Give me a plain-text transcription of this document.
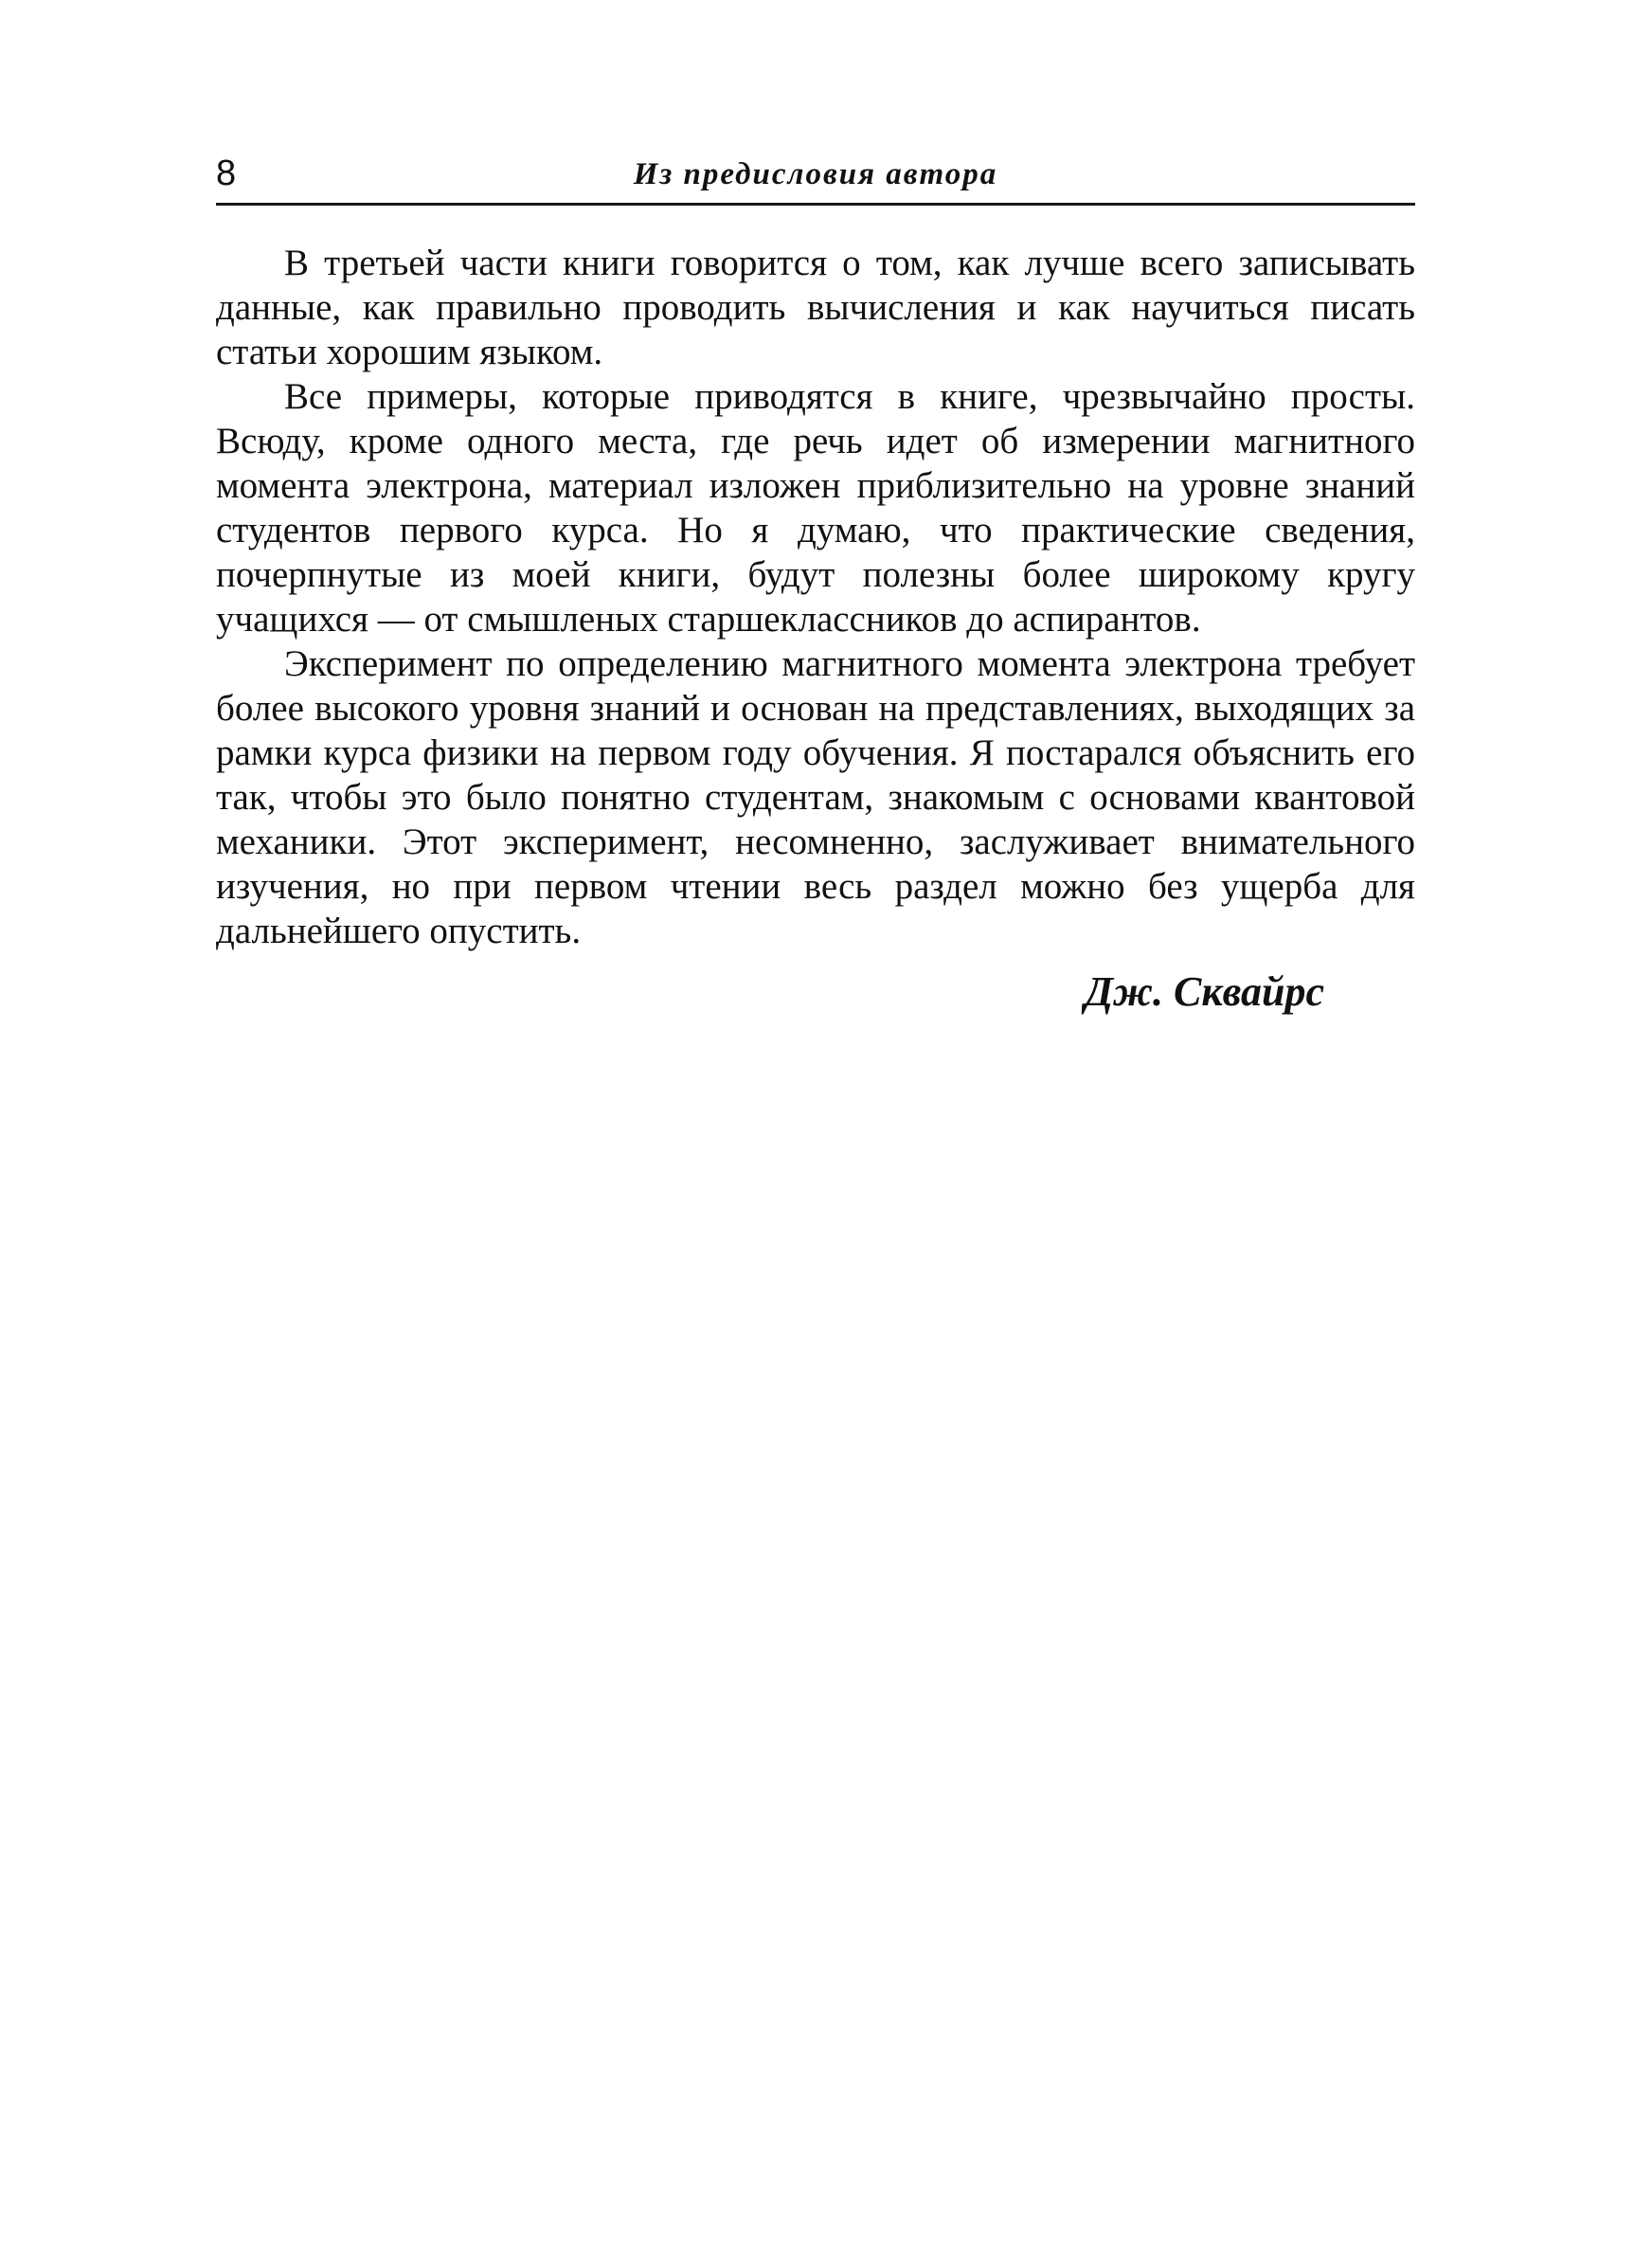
8	Из предисловия автора

В третьей части книги говорится о том, как лучше всего записывать данные, как правильно проводить вычисления и как научиться писать статьи хорошим языком.

Все примеры, которые приводятся в книге, чрезвычайно просты. Всюду, кроме одного места, где речь идет об измерении магнитного момента электрона, материал изложен приблизительно на уровне знаний студентов первого курса. Но я думаю, что практические сведения, почерпнутые из моей книги, будут полезны более широкому кругу учащихся — от смышленых старшеклассников до аспирантов.

Эксперимент по определению магнитного момента электрона требует более высокого уровня знаний и основан на представлениях, выходящих за рамки курса физики на первом году обучения. Я постарался объяснить его так, чтобы это было понятно студентам, знакомым с основами квантовой механики. Этот эксперимент, несомненно, заслуживает внимательного изучения, но при первом чтении весь раздел можно без ущерба для дальнейшего опустить.

Дж. Сквайрс
